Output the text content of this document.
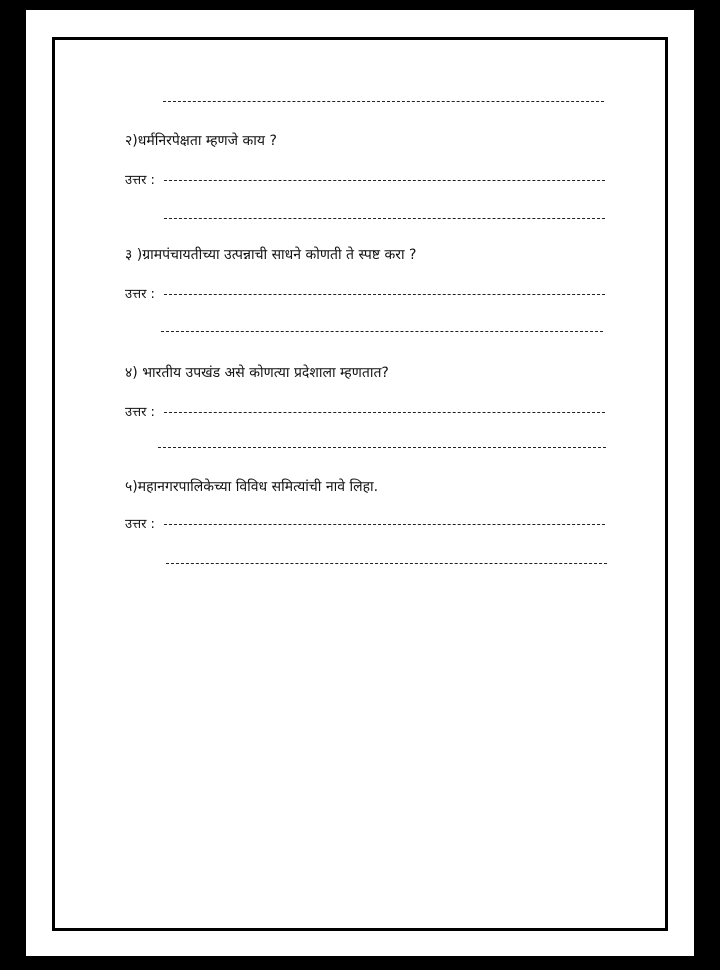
२)धर्मनिरपेक्षता म्हणजे काय ?
उत्तर :
३ )ग्रामपंचायतीच्या उत्पन्नाची साधने कोणती ते स्पष्ट करा ?
उत्तर :
४) भारतीय उपखंड असे कोणत्या प्रदेशाला म्हणतात?
उत्तर :
५)महानगरपालिकेच्या विविध समित्यांची नावे लिहा.
उत्तर :
